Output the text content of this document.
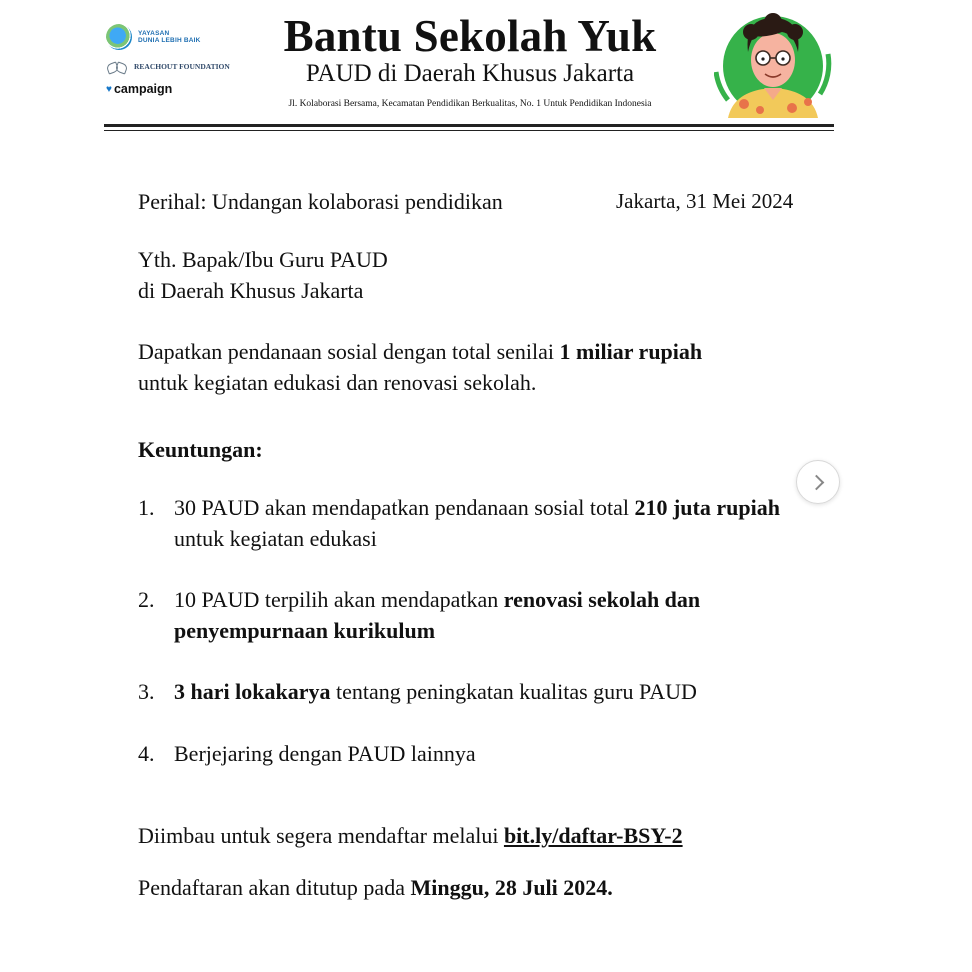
YAYASAN
DUNIA LEBIH BAIK
REACHOUT FOUNDATION
♥ campaign
Bantu Sekolah Yuk
PAUD di Daerah Khusus Jakarta
Jl. Kolaborasi Bersama, Kecamatan Pendidikan Berkualitas, No. 1 Untuk Pendidikan Indonesia
Perihal: Undangan kolaborasi pendidikan	Jakarta, 31 Mei 2024
Yth. Bapak/Ibu Guru PAUD
di Daerah Khusus Jakarta
Dapatkan pendanaan sosial dengan total senilai 1 miliar rupiah
untuk kegiatan edukasi dan renovasi sekolah.
Keuntungan:
1. 30 PAUD akan mendapatkan pendanaan sosial total 210 juta rupiah untuk kegiatan edukasi
2. 10 PAUD terpilih akan mendapatkan renovasi sekolah dan penyempurnaan kurikulum
3. 3 hari lokakarya tentang peningkatan kualitas guru PAUD
4. Berjejaring dengan PAUD lainnya
Diimbau untuk segera mendaftar melalui bit.ly/daftar-BSY-2
Pendaftaran akan ditutup pada Minggu, 28 Juli 2024.
